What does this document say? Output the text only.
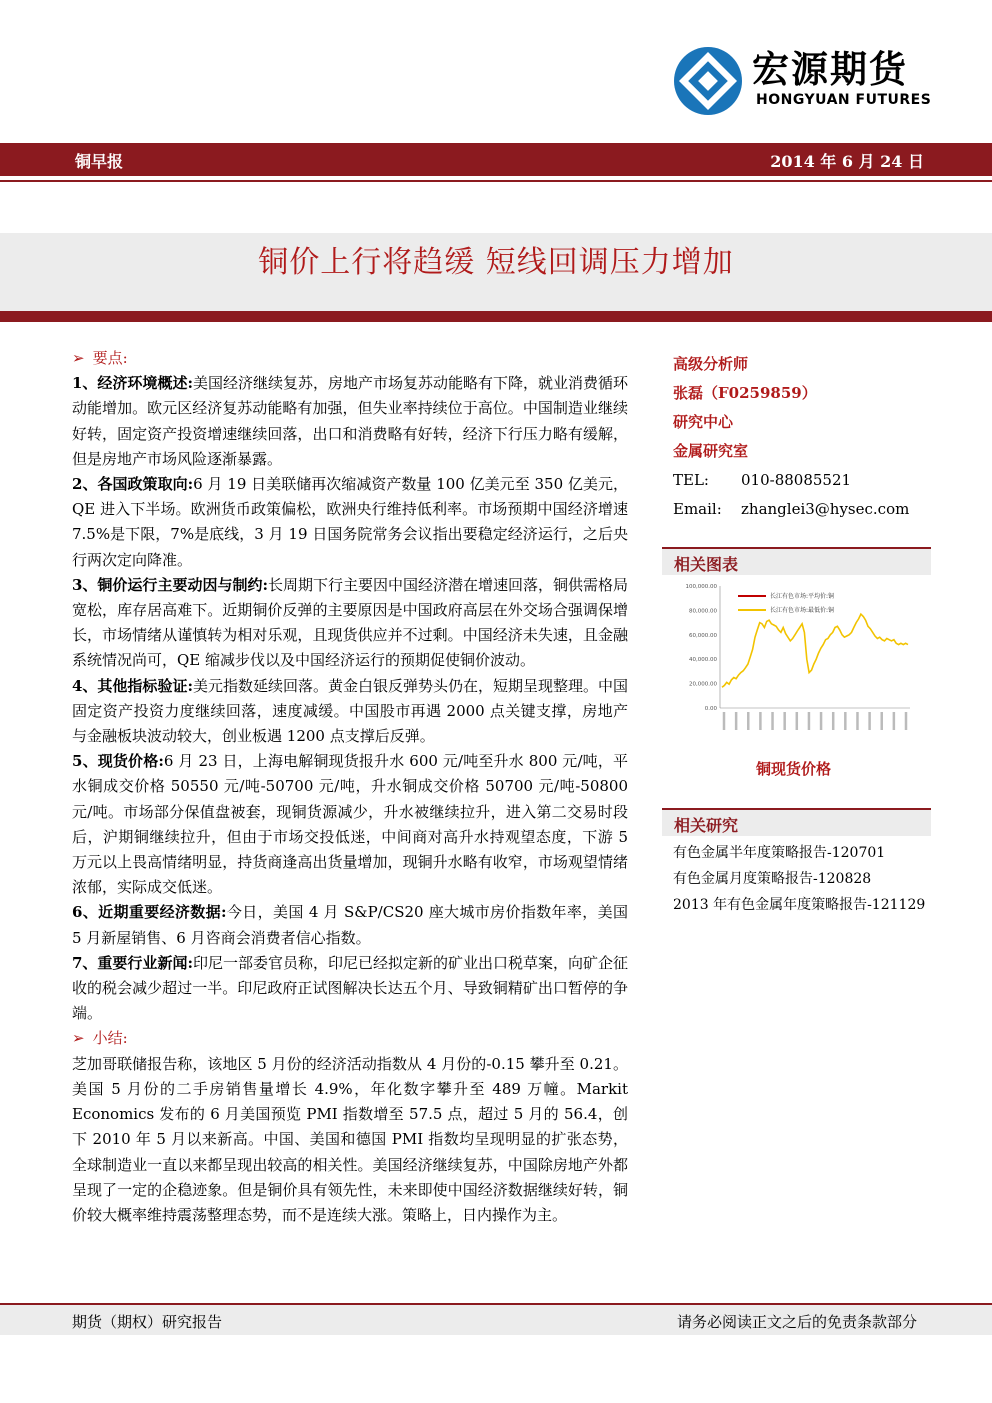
宏源期货
HONGYUAN FUTURES
铜早报	2014 年 6 月 24 日
铜价上行将趋缓 短线回调压力增加

➢ 要点:

1、经济环境概述:美国经济继续复苏，房地产市场复苏动能略有下降，就业消费循环动能增加。欧元区经济复苏动能略有加强，但失业率持续位于高位。中国制造业继续好转，固定资产投资增速继续回落，出口和消费略有好转，经济下行压力略有缓解，但是房地产市场风险逐渐暴露。

2、各国政策取向:6 月 19 日美联储再次缩减资产数量 100 亿美元至 350 亿美元，QE 进入下半场。欧洲货币政策偏松，欧洲央行维持低利率。市场预期中国经济增速 7.5%是下限，7%是底线，3 月 19 日国务院常务会议指出要稳定经济运行，之后央行两次定向降准。

3、铜价运行主要动因与制约:长周期下行主要因中国经济潜在增速回落，铜供需格局宽松，库存居高难下。近期铜价反弹的主要原因是中国政府高层在外交场合强调保增长，市场情绪从谨慎转为相对乐观，且现货供应并不过剩。中国经济未失速，且金融系统情况尚可，QE 缩减步伐以及中国经济运行的预期促使铜价波动。

4、其他指标验证:美元指数延续回落。黄金白银反弹势头仍在，短期呈现整理。中国固定资产投资力度继续回落，速度减缓。中国股市再遇 2000 点关键支撑，房地产与金融板块波动较大，创业板遇 1200 点支撑后反弹。

5、现货价格:6 月 23 日，上海电解铜现货报升水 600 元/吨至升水 800 元/吨，平水铜成交价格 50550 元/吨-50700 元/吨，升水铜成交价格 50700 元/吨-50800 元/吨。市场部分保值盘被套，现铜货源减少，升水被继续拉升，进入第二交易时段后，沪期铜继续拉升，但由于市场交投低迷，中间商对高升水持观望态度，下游 5 万元以上畏高情绪明显，持货商逢高出货量增加，现铜升水略有收窄，市场观望情绪浓郁，实际成交低迷。

6、近期重要经济数据:今日，美国 4 月 S&P/CS20 座大城市房价指数年率，美国 5 月新屋销售、6 月咨商会消费者信心指数。

7、重要行业新闻:印尼一部委官员称，印尼已经拟定新的矿业出口税草案，向矿企征收的税会减少超过一半。印尼政府正试图解决长达五个月、导致铜精矿出口暂停的争端。

➢ 小结:

芝加哥联储报告称，该地区 5 月份的经济活动指数从 4 月份的-0.15 攀升至 0.21。美国 5 月份的二手房销售量增长 4.9%，年化数字攀升至 489 万幢。Markit Economics 发布的 6 月美国预览 PMI 指数增至 57.5 点，超过 5 月的 56.4，创下 2010 年 5 月以来新高。中国、美国和德国 PMI 指数均呈现明显的扩张态势，全球制造业一直以来都呈现出较高的相关性。美国经济继续复苏，中国除房地产外都呈现了一定的企稳迹象。但是铜价具有领先性，未来即使中国经济数据继续好转，铜价较大概率维持震荡整理态势，而不是连续大涨。策略上，日内操作为主。

高级分析师
张磊（F0259859）
研究中心
金属研究室
TEL: 010-88085521
Email: zhanglei3@hysec.com
相关图表
0.00
20,000.00
40,000.00
60,000.00
80,000.00
100,000.00
长江有色市场:平均价:铜
长江有色市场:最低价:铜
铜现货价格
相关研究
有色金属半年度策略报告-120701
有色金属月度策略报告-120828
2013 年有色金属年度策略报告-121129
期货（期权）研究报告	请务必阅读正文之后的免责条款部分
